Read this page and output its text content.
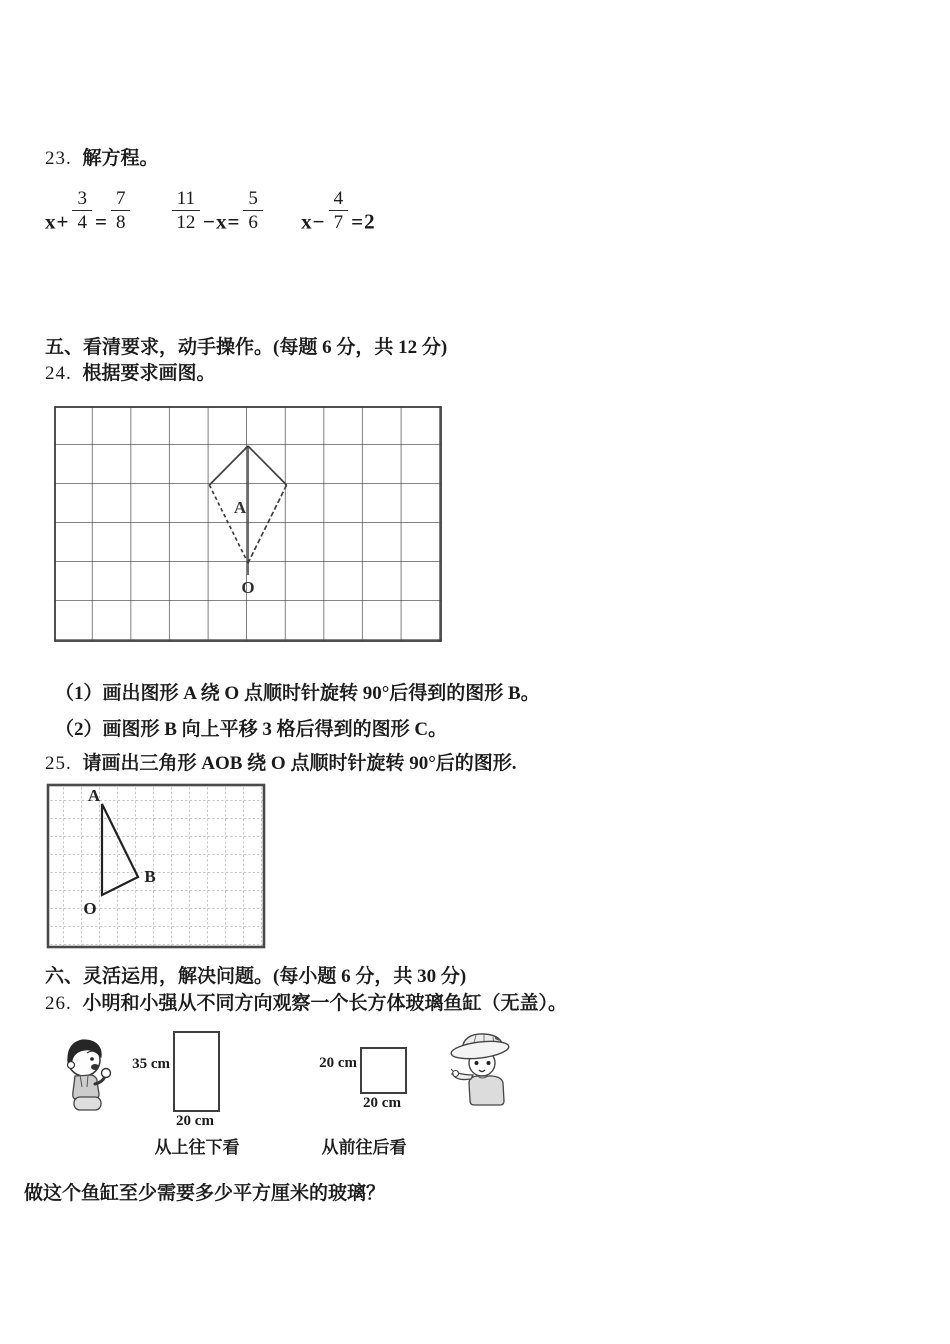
23. 解方程。
$x+ \frac{3}{4} = \frac{7}{8}$
$\frac{11}{12} -x= \frac{5}{6} x- \frac{4}{7} =2$
五、看清要求，动手操作。(每题 6 分，共 12 分)
24. 根据要求画图。
A
O
（1）画出图形 A 绕 O 点顺时针旋转 90°后得到的图形 B。
（2）画图形 B 向上平移 3 格后得到的图形 C。
25. 请画出三角形 AOB 绕 O 点顺时针旋转 90°后的图形.
A
B
O
六、灵活运用，解决问题。(每小题 6 分，共 30 分)
26. 小明和小强从不同方向观察一个长方体玻璃鱼缸（无盖）。
35 cm
20 cm
从上往下看
20 cm
20 cm
从前往后看
做这个鱼缸至少需要多少平方厘米的玻璃？
